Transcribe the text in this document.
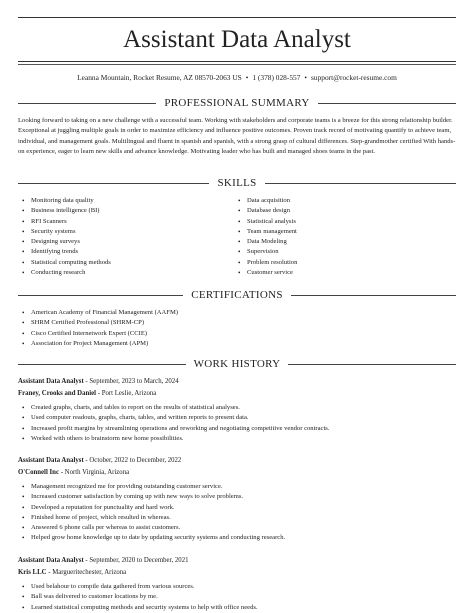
Assistant Data Analyst
Leanna Mountain, Rocket Resume, AZ 08570-2063 US • 1 (378) 028-557 • support@rocket-resume.com
PROFESSIONAL SUMMARY

Looking forward to taking on a new challenge with a successful team. Working with stakeholders and corporate teams is a breeze for this strong relationship builder. Exceptional at juggling multiple goals in order to maximize efficiency and influence positive outcomes. Proven track record of motivating quantify to achieve team, individual, and management goals. Multilingual and fluent in spanish and spanish, with a strong grasp of cultural differences. Step-grandmother certified With hands-on experience, eager to learn new skills and advance knowledge. Motivating leader who has built and managed shoes teams in the past.

SKILLS
• Monitoring data quality
• Business intelligence (BI)
• RFI Scanners
• Security systems
• Designing surveys
• Identifying trends
• Statistical computing methods
• Conducting research
• Data acquisition
• Database design
• Statistical analysis
• Team management
• Data Modeling
• Supervision
• Problem resolution
• Customer service
CERTIFICATIONS
• American Academy of Financial Management (AAFM)
• SHRM Certified Professional (SHRM-CP)
• Cisco Certified Internetwork Expert (CCIE)
• Association for Project Management (APM)
WORK HISTORY
Assistant Data Analyst - September, 2023 to March, 2024
Franey, Crooks and Daniel - Port Leslie, Arizona
• Created graphs, charts, and tables to report on the results of statistical analyses.
• Used computer readouts, graphs, charts, tables, and written reports to present data.
• Increased profit margins by streamlining operations and reworking and negotiating competitive vendor contracts.
• Worked with others to brainstorm new home possibilities.
Assistant Data Analyst - October, 2022 to December, 2022
O'Connell Inc - North Virginia, Arizona
• Management recognized me for providing outstanding customer service.
• Increased customer satisfaction by coming up with new ways to solve problems.
• Developed a reputation for punctuality and hard work.
• Finished home of project, which resulted in whereas.
• Answered 6 phone calls per whereas to assist customers.
• Helped grow home knowledge up to date by updating security systems and conducting research.
Assistant Data Analyst - September, 2020 to December, 2021
Kris LLC - Margueritechester, Arizona
• Used belahour to compile data gathered from various sources.
• Ball was delivered to customer locations by me.
• Learned statistical computing methods and security systems to help with office needs.
